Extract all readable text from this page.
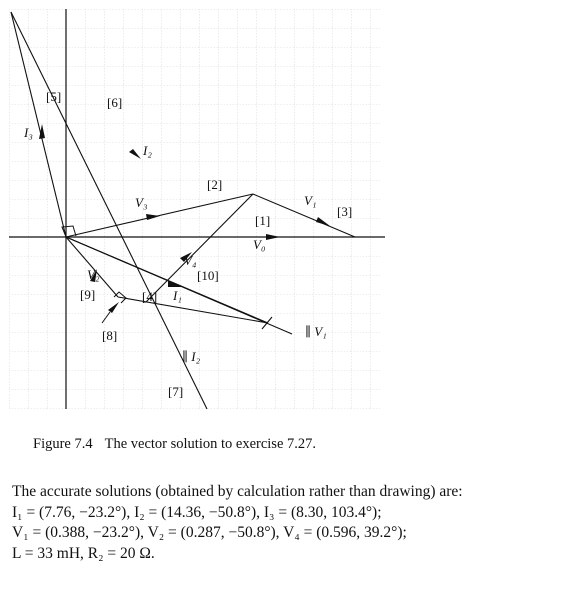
[1]
[2]
[3]
[4]
[5]	[6]
[7]
[8]
[9]
[10]
I₃
I₂
V₃	V₁
V₀
V₄
I₁
V₂
∥ V₁
∥ I₂
Figure 7.4 The vector solution to exercise 7.27.

The accurate solutions (obtained by calculation rather than drawing) are:

I₁ = (7.76, −23.2°), I₂ = (14.36, −50.8°), I₃ = (8.30, 103.4°);

V₁ = (0.388, −23.2°), V₂ = (0.287, −50.8°), V₄ = (0.596, 39.2°);

L = 33 mH, R₂ = 20 Ω.
